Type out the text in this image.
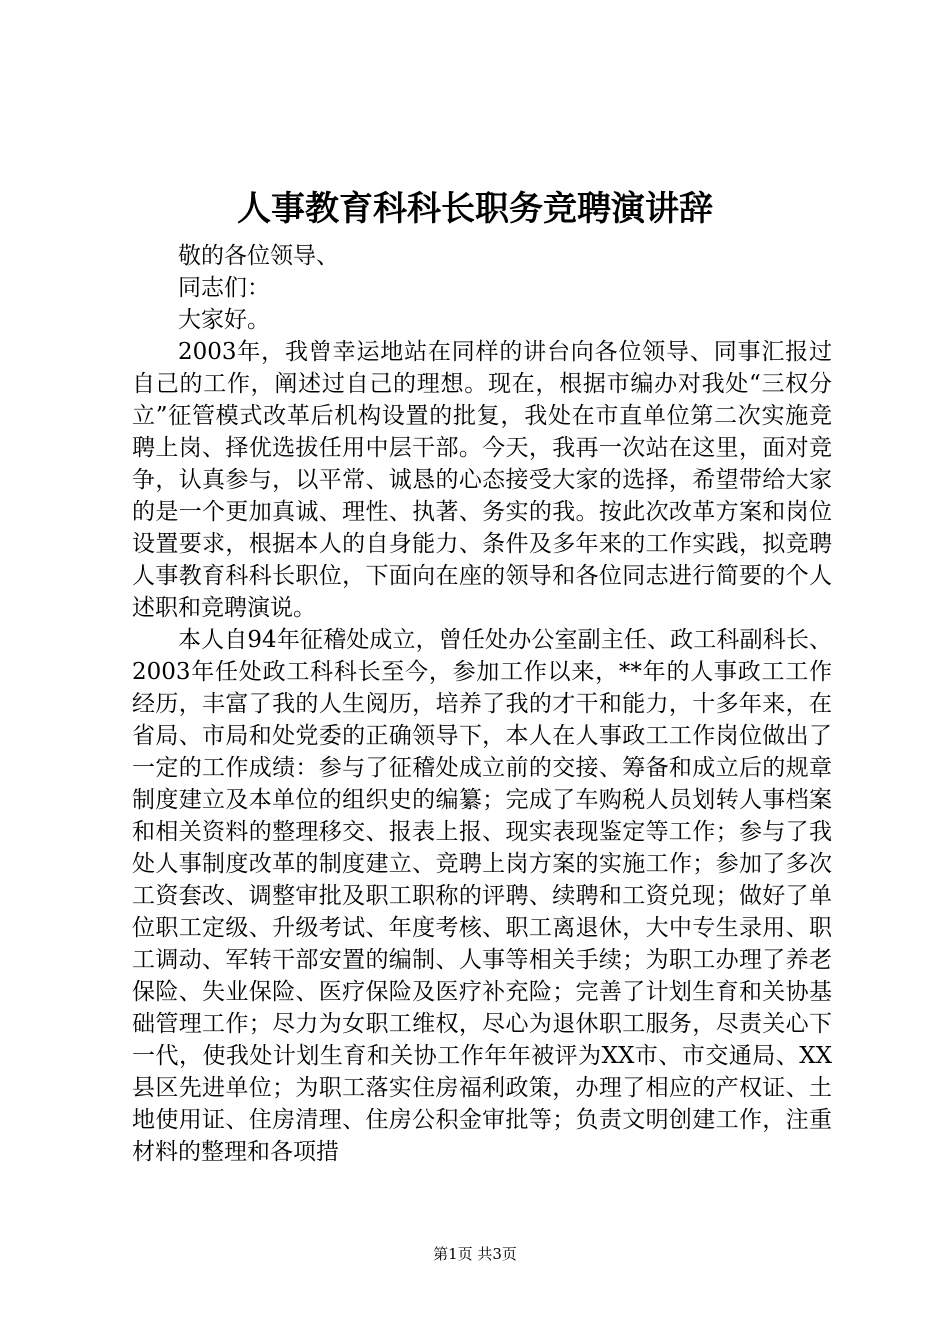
人事教育科科长职务竞聘演讲辞

敬的各位领导、

同志们：

大家好。

2003年，我曾幸运地站在同样的讲台向各位领导、同事汇报过自己的工作，阐述过自己的理想。现在，根据市编办对我处“三权分立”征管模式改革后机构设置的批复，我处在市直单位第二次实施竞聘上岗、择优选拔任用中层干部。今天，我再一次站在这里，面对竞争，认真参与，以平常、诚恳的心态接受大家的选择，希望带给大家的是一个更加真诚、理性、执著、务实的我。按此次改革方案和岗位设置要求，根据本人的自身能力、条件及多年来的工作实践，拟竞聘人事教育科科长职位，下面向在座的领导和各位同志进行简要的个人述职和竞聘演说。

本人自94年征稽处成立，曾任处办公室副主任、政工科副科长、2003年任处政工科科长至今，参加工作以来，**年的人事政工工作经历，丰富了我的人生阅历，培养了我的才干和能力，十多年来，在省局、市局和处党委的正确领导下，本人在人事政工工作岗位做出了一定的工作成绩：参与了征稽处成立前的交接、筹备和成立后的规章制度建立及本单位的组织史的编纂；完成了车购税人员划转人事档案和相关资料的整理移交、报表上报、现实表现鉴定等工作；参与了我处人事制度改革的制度建立、竞聘上岗方案的实施工作；参加了多次工资套改、调整审批及职工职称的评聘、续聘和工资兑现；做好了单位职工定级、升级考试、年度考核、职工离退休，大中专生录用、职工调动、军转干部安置的编制、人事等相关手续；为职工办理了养老保险、失业保险、医疗保险及医疗补充险；完善了计划生育和关协基础管理工作；尽力为女职工维权，尽心为退休职工服务，尽责关心下一代，使我处计划生育和关协工作年年被评为XX市、市交通局、XX县区先进单位；为职工落实住房福利政策，办理了相应的产权证、土地使用证、住房清理、住房公积金审批等；负责文明创建工作，注重材料的整理和各项措

第1页 共3页
